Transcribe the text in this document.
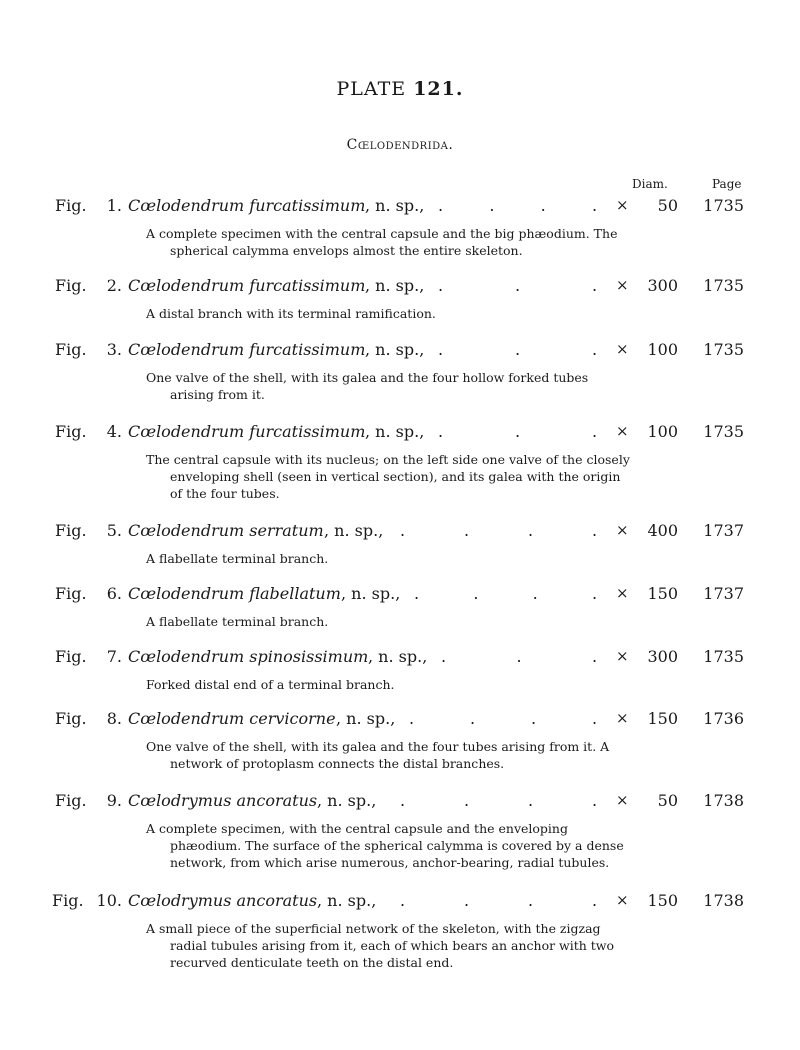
PLATE 121.
Cœlodendrida.
Diam.	Page
Fig.	1. Cœlodendrum furcatissimum , n. sp., .	.	.	. ×	50 1735
A complete specimen with the central capsule and the big phæodium. The spherical calymma envelops almost the entire skeleton.
Fig.	2. Cœlodendrum furcatissimum , n. sp., .	.	. ×	300 1735
A distal branch with its terminal ramification.
Fig.	3. Cœlodendrum furcatissimum , n. sp., .	.	. ×	100 1735
One valve of the shell, with its galea and the four hollow forked tubes arising from it.
Fig.	4. Cœlodendrum furcatissimum , n. sp., .	.	. ×	100 1735
The central capsule with its nucleus; on the left side one valve of the closely enveloping shell (seen in vertical section), and its galea with the origin of the four tubes.
Fig.	5. Cœlodendrum serratum , n. sp., .	.	.	. ×	400 1737
A flabellate terminal branch.
Fig.	6. Cœlodendrum flabellatum , n. sp., .	.	.	. ×	150 1737
A flabellate terminal branch.
Fig.	7. Cœlodendrum spinosissimum , n. sp., .	.	. ×	300 1735
Forked distal end of a terminal branch.
Fig.	8. Cœlodendrum cervicorne , n. sp., .	.	.	. ×	150 1736
One valve of the shell, with its galea and the four tubes arising from it. A network of protoplasm connects the distal branches.
Fig.	9. Cœlodrymus ancoratus , n. sp., .	.	.	. ×	50 1738
A complete specimen, with the central capsule and the enveloping phæodium. The surface of the spherical calymma is covered by a dense network, from which arise numerous, anchor-bearing, radial tubules.
Fig. 10. Cœlodrymus ancoratus , n. sp., .	.	.	. ×	150 1738
A small piece of the superficial network of the skeleton, with the zigzag radial tubules arising from it, each of which bears an anchor with two recurved denticulate teeth on the distal end.
